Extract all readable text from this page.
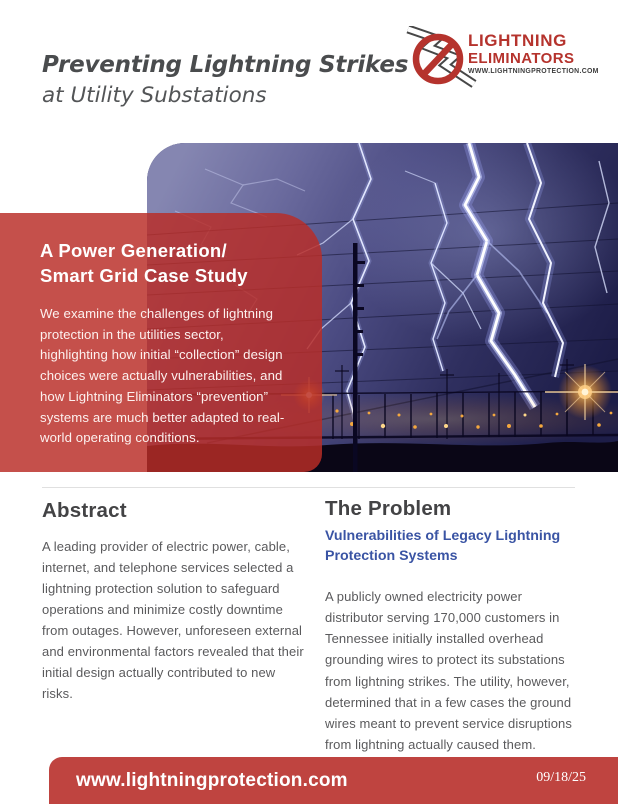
Preventing Lightning Strikes
at Utility Substations
LIGHTNING
ELIMINATORS
WWW.LIGHTNINGPROTECTION.COM
A Power Generation/
Smart Grid Case Study
We examine the challenges of lightning protection in the utilities sector, highlighting how initial “collection” design choices were actually vulnerabilities, and how Lightning Eliminators “prevention” systems are much better adapted to real-world operating conditions.
Abstract
A leading provider of electric power, cable, internet, and telephone services selected a lightning protection solution to safeguard operations and minimize costly downtime from outages. However, unforeseen external and environmental factors revealed that their initial design actually contributed to new risks.
The Problem
Vulnerabilities of Legacy Lightning Protection Systems
A publicly owned electricity power distributor serving 170,000 customers in Tennessee initially installed overhead grounding wires to protect its substations from lightning strikes. The utility, however, determined that in a few cases the ground wires meant to prevent service disruptions from lightning actually caused them.
www.lightningprotection.com	09/18/25
